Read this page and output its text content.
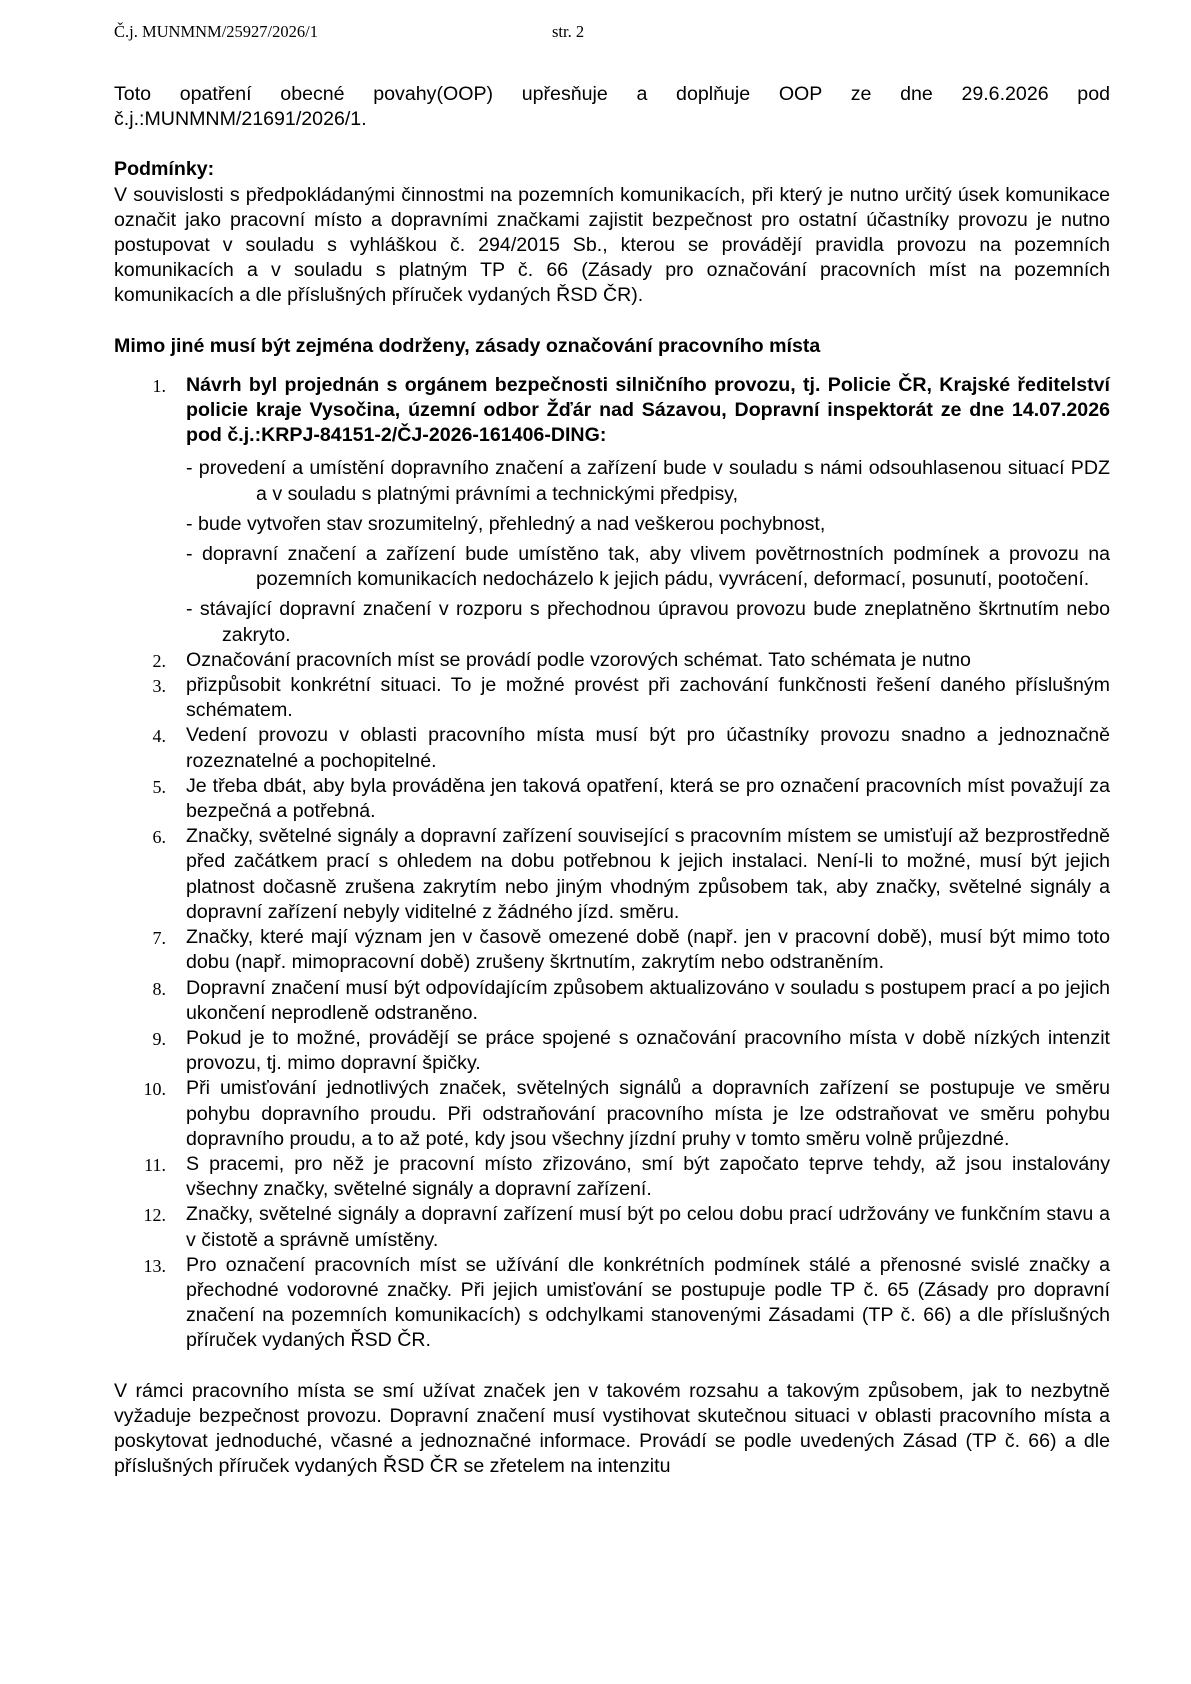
Č.j. MUNMNM/25927/2026/1	str. 2

Toto opatření obecné povahy(OOP) upřesňuje a doplňuje OOP ze dne 29.6.2026 pod č.j.:MUNMNM/21691/2026/1.

Podmínky:

V souvislosti s předpokládanými činnostmi na pozemních komunikacích, při který je nutno určitý úsek komunikace označit jako pracovní místo a dopravními značkami zajistit bezpečnost pro ostatní účastníky provozu je nutno postupovat v souladu s vyhláškou č. 294/2015 Sb., kterou se provádějí pravidla provozu na pozemních komunikacích a v souladu s platným TP č. 66 (Zásady pro označování pracovních míst na pozemních komunikacích a dle příslušných příruček vydaných ŘSD ČR).

Mimo jiné musí být zejména dodrženy, zásady označování pracovního místa
1. Návrh byl projednán s orgánem bezpečnosti silničního provozu, tj. Policie ČR, Krajské ředitelství policie kraje Vysočina, územní odbor Žďár nad Sázavou, Dopravní inspektorát ze dne 14.07.2026 pod č.j.:KRPJ-84151-2/ČJ-2026-161406-DING:
- provedení a umístění dopravního značení a zařízení bude v souladu s námi odsouhlasenou situací PDZ a v souladu s platnými právními a technickými předpisy,
- bude vytvořen stav srozumitelný, přehledný a nad veškerou pochybnost,
- dopravní značení a zařízení bude umístěno tak, aby vlivem povětrnostních podmínek a provozu na pozemních komunikacích nedocházelo k jejich pádu, vyvrácení, deformací, posunutí, pootočení.
- stávající dopravní značení v rozporu s přechodnou úpravou provozu bude zneplatněno škrtnutím nebo zakryto.
2. Označování pracovních míst se provádí podle vzorových schémat. Tato schémata je nutno
3. přizpůsobit konkrétní situaci. To je možné provést při zachování funkčnosti řešení daného příslušným schématem.
4. Vedení provozu v oblasti pracovního místa musí být pro účastníky provozu snadno a jednoznačně rozeznatelné a pochopitelné.
5. Je třeba dbát, aby byla prováděna jen taková opatření, která se pro označení pracovních míst považují za bezpečná a potřebná.
6. Značky, světelné signály a dopravní zařízení související s pracovním místem se umisťují až bezprostředně před začátkem prací s ohledem na dobu potřebnou k jejich instalaci. Není-li to možné, musí být jejich platnost dočasně zrušena zakrytím nebo jiným vhodným způsobem tak, aby značky, světelné signály a dopravní zařízení nebyly viditelné z žádného jízd. směru.
7. Značky, které mají význam jen v časově omezené době (např. jen v pracovní době), musí být mimo toto dobu (např. mimopracovní době) zrušeny škrtnutím, zakrytím nebo odstraněním.
8. Dopravní značení musí být odpovídajícím způsobem aktualizováno v souladu s postupem prací a po jejich ukončení neprodleně odstraněno.
9. Pokud je to možné, provádějí se práce spojené s označování pracovního místa v době nízkých intenzit provozu, tj. mimo dopravní špičky.
10. Při umisťování jednotlivých značek, světelných signálů a dopravních zařízení se postupuje ve směru pohybu dopravního proudu. Při odstraňování pracovního místa je lze odstraňovat ve směru pohybu dopravního proudu, a to až poté, kdy jsou všechny jízdní pruhy v tomto směru volně průjezdné.
11. S pracemi, pro něž je pracovní místo zřizováno, smí být započato teprve tehdy, až jsou instalovány všechny značky, světelné signály a dopravní zařízení.
12. Značky, světelné signály a dopravní zařízení musí být po celou dobu prací udržovány ve funkčním stavu a v čistotě a správně umístěny.
13. Pro označení pracovních míst se užívání dle konkrétních podmínek stálé a přenosné svislé značky a přechodné vodorovné značky. Při jejich umisťování se postupuje podle TP č. 65 (Zásady pro dopravní značení na pozemních komunikacích) s odchylkami stanovenými Zásadami (TP č. 66) a dle příslušných příruček vydaných ŘSD ČR.

V rámci pracovního místa se smí užívat značek jen v takovém rozsahu a takovým způsobem, jak to nezbytně vyžaduje bezpečnost provozu. Dopravní značení musí vystihovat skutečnou situaci v oblasti pracovního místa a poskytovat jednoduché, včasné a jednoznačné informace. Provádí se podle uvedených Zásad (TP č. 66) a dle příslušných příruček vydaných ŘSD ČR se zřetelem na intenzitu
